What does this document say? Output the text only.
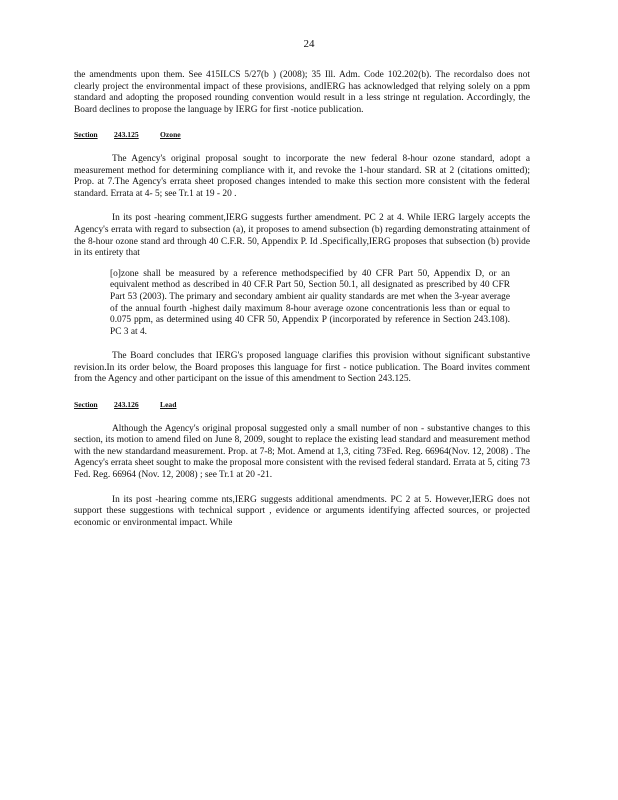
24

the amendments upon them. See 415ILCS 5/27(b ) (2008); 35 Ill. Adm. Code 102.202(b). The recordalso does not clearly project the environmental impact of these provisions, andIERG has acknowledged that relying solely on a ppm standard and adopting the proposed rounding convention would result in a less stringe nt regulation. Accordingly, the Board declines to propose the language by IERG for first -notice publication.

Section	243.125	Ozone

The Agency's original proposal sought to incorporate the new federal 8-hour ozone standard, adopt a measurement method for determining compliance with it, and revoke the 1-hour standard. SR at 2 (citations omitted); Prop. at 7.The Agency's errata sheet proposed changes intended to make this section more consistent with the federal standard. Errata at 4- 5; see Tr.1 at 19 - 20 .

In its post -hearing comment,IERG suggests further amendment. PC 2 at 4. While IERG largely accepts the Agency's errata with regard to subsection (a), it proposes to amend subsection (b) regarding demonstrating attainment of the 8-hour ozone stand ard through 40 C.F.R. 50, Appendix P. Id .Specifically,IERG proposes that subsection (b) provide in its entirety that

[o]zone shall be measured by a reference methodspecified by 40 CFR Part 50, Appendix D, or an equivalent method as described in 40 CF.R Part 50, Section 50.1, all designated as prescribed by 40 CFR Part 53 (2003). The primary and secondary ambient air quality standards are met when the 3-year average of the annual fourth -highest daily maximum 8-hour average ozone concentrationis less than or equal to 0.075 ppm, as determined using 40 CFR 50, Appendix P (incorporated by reference in Section 243.108). PC 3 at 4.

The Board concludes that IERG's proposed language clarifies this provision without significant substantive revision.In its order below, the Board proposes this language for first - notice publication. The Board invites comment from the Agency and other participant on the issue of this amendment to Section 243.125.

Section	243.126	Lead

Although the Agency's original proposal suggested only a small number of non - substantive changes to this section, its motion to amend filed on June 8, 2009, sought to replace the existing lead standard and measurement method with the new standardand measurement. Prop. at 7-8; Mot. Amend at 1,3, citing 73Fed. Reg. 66964(Nov. 12, 2008) . The Agency's errata sheet sought to make the proposal more consistent with the revised federal standard. Errata at 5, citing 73 Fed. Reg. 66964 (Nov. 12, 2008) ; see Tr.1 at 20 -21.

In its post -hearing comme nts,IERG suggests additional amendments. PC 2 at 5. However,IERG does not support these suggestions with technical support , evidence or arguments identifying affected sources, or projected economic or environmental impact. While
